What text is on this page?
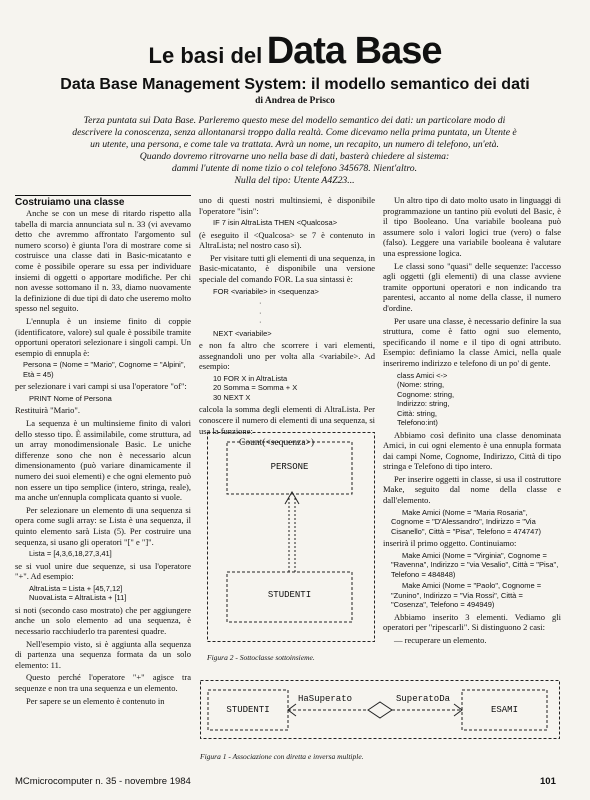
Le basi del Data Base
Data Base Management System: il modello semantico dei dati
di Andrea de Prisco
Terza puntata sui Data Base. Parleremo questo mese del modello semantico dei dati: un particolare modo di
descrivere la conoscenza, senza allontanarsi troppo dalla realtà. Come dicevamo nella prima puntata, un Utente è
un utente, una persona, e come tale va trattata. Avrà un nome, un recapito, un numero di telefono, un'età.
Quando dovremo ritrovarne uno nella base di dati, basterà chiedere al sistema:
dammi l'utente di nome tizio o col telefono 345678. Nient'altro.
Nulla del tipo: Utente A4Z23...
Costruiamo una classe

Anche se con un mese di ritardo rispetto alla tabella di marcia annunciata sul n. 33 (vi avevamo detto che avremmo affrontato l'argomento sul numero scorso) è giunta l'ora di mostrare come si costruisce una classe dati in Basic-micatanto e come è possibile operare su essa per individuare insiemi di oggetti o apportare modifiche. Per chi non avesse sottomano il n. 33, diamo nuovamente la definizione di due tipi di dato che useremo molto spesso nel seguito.

L'ennupla è un insieme finito di coppie (identificatore, valore) sul quale è possibile tramite opportuni operatori selezionare i singoli campi. Un esempio di ennupla è:

Persona = (Nome = "Mario", Cognome = "Alpini", Età = 45)

per selezionare i vari campi si usa l'operatore "of":

PRINT Nome of Persona

Restituirà "Mario".

La sequenza è un multinsieme finito di valori dello stesso tipo. È assimilabile, come struttura, ad un array monodimensionale Basic. Le uniche differenze sono che non è necessario alcun dimensionamento (può variare dinamicamente il numero dei suoi elementi) e che ogni elemento può non essere un tipo semplice (intero, stringa, reale), ma anche un'ennupla complicata quanto si vuole.

Per selezionare un elemento di una sequenza si opera come sugli array: se Lista è una sequenza, il quinto elemento sarà Lista (5). Per costruire una sequenza, si usano gli operatori "[" e "]".

Lista = [4,3,6,18,27,3,41]

se si vuol unire due sequenze, si usa l'operatore "+". Ad esempio:

AltraLista = Lista + [45,7,12]

NuovaLista = AltraLista + [11]

si noti (secondo caso mostrato) che per aggiungere anche un solo elemento ad una sequenza, è necessario racchiuderlo tra parentesi quadre.

Nell'esempio visto, si è aggiunta alla sequenza di partenza una sequenza formata da un solo elemento: 11.

Questo perché l'operatore "+" agisce tra sequenze e non tra una sequenza e un elemento.

Per sapere se un elemento è contenuto in

uno di questi nostri multinsiemi, è disponibile l'operatore "isin":

IF 7 isin AltraLista THEN <Qualcosa>

(è eseguito il <Qualcosa> se 7 è contenuto in AltraLista; nel nostro caso sì).

Per visitare tutti gli elementi di una sequenza, in Basic-micatanto, è disponibile una versione speciale del comando FOR. La sua sintassi è:

FOR <variabile> in <sequenza>

·

·

·

NEXT <variabile>

e non fa altro che scorrere i vari elementi, assegnandoli uno per volta alla <variabile>. Ad esempio:

10 FOR X in AltraLista

20 Somma = Somma + X

30 NEXT X

calcola la somma degli elementi di AltraLista. Per conoscere il numero di elementi di una sequenza, si usa la funzione:

Count(<sequenza>)

PERSONE
STUDENTI
Figura 2 - Sottoclasse sottoinsieme.

Un altro tipo di dato molto usato in linguaggi di programmazione un tantino più evoluti del Basic, è il tipo Booleano. Una variabile booleana può assumere solo i valori logici true (vero) o false (falso). Leggere una variabile booleana è valutare una espressione logica.

Le classi sono "quasi" delle sequenze: l'accesso agli oggetti (gli elementi) di una classe avviene tramite opportuni operatori e non indicando tra parentesi, accanto al nome della classe, il numero d'ordine.

Per usare una classe, è necessario definire la sua struttura, come è fatto ogni suo elemento, specificando il nome e il tipo di ogni attributo. Esempio: definiamo la classe Amici, nella quale inseriremo indirizzo e telefono di un po' di gente.

class Amici <->

(Nome: string,

Cognome: string,

Indirizzo: string,

Città: string,

Telefono:int)

Abbiamo così definito una classe denominata Amici, in cui ogni elemento è una ennupla formata dai campi Nome, Cognome, Indirizzo, Città di tipo stringa e Telefono di tipo intero.

Per inserire oggetti in classe, si usa il costruttore Make, seguito dal nome della classe e dall'elemento.

Make Amici (Nome = "Maria Rosaria", Cognome = "D'Alessandro", Indirizzo = "Via Cisanello", Città = "Pisa", Telefono = 474747)

inserirà il primo oggetto. Continuiamo:

Make Amici (Nome = "Virginia", Cognome = "Ravenna", Indirizzo = "via Vesalio", Città = "Pisa", Telefono = 484848)

Make Amici (Nome = "Paolo", Cognome = "Zunino", Indirizzo = "Via Rossi", Città = "Cosenza", Telefono = 494949)

Abbiamo inserito 3 elementi. Vediamo gli operatori per "ripescarli". Si distinguono 2 casi:

— recuperare un elemento.

STUDENTI	ESAMI
HaSuperato	SuperatoDa
Figura 1 - Associazione con diretta e inversa multiple.
MCmicrocomputer n. 35 - novembre 1984	101
